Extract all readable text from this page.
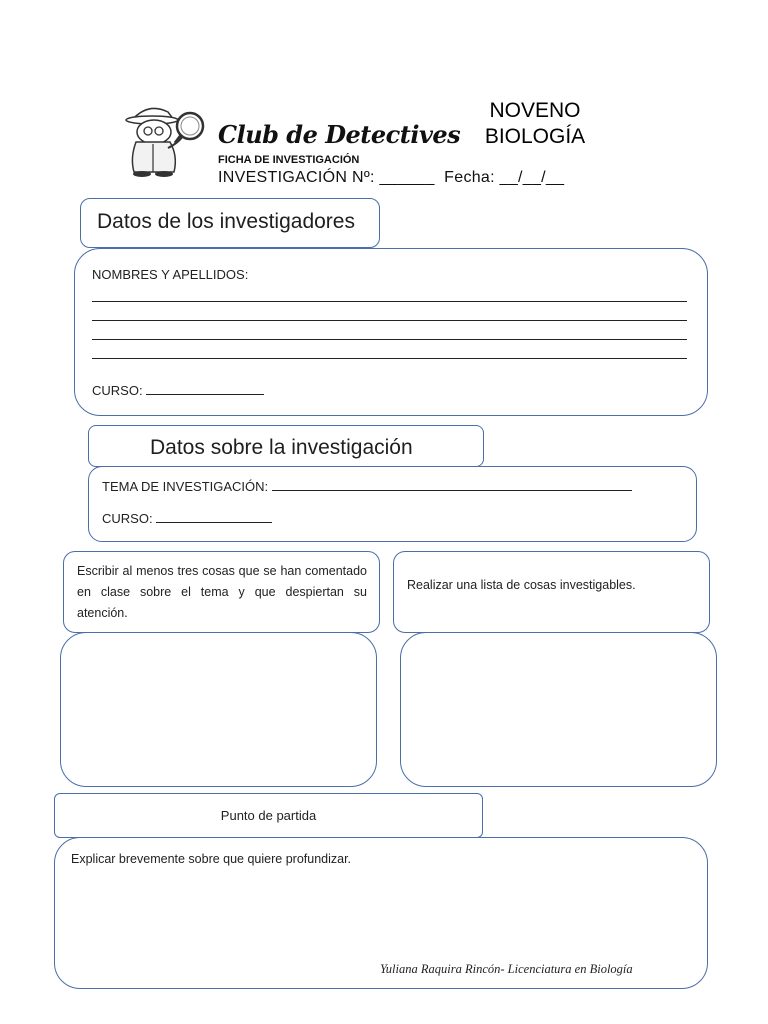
Club de Detectives
FICHA DE INVESTIGACIÓN
INVESTIGACIÓN Nº: ______  Fecha: __/__/__
NOVENO
BIOLOGÍA
Datos de los investigadores
NOMBRES Y APELLIDOS:
CURSO:
Datos sobre la investigación
TEMA DE INVESTIGACIÓN:
CURSO:
Escribir al menos tres cosas que se han comentado en clase sobre el tema y que despiertan su atención.
Realizar una lista de cosas investigables.
Punto de partida
Explicar brevemente sobre que quiere profundizar.
Yuliana Raquira Rincón- Licenciatura en Biología
